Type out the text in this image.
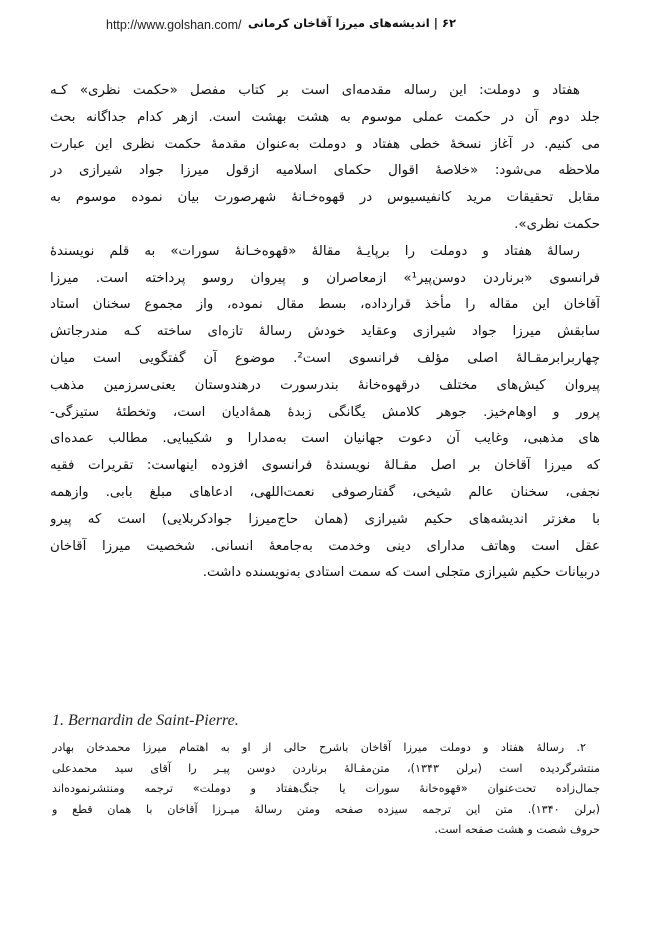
http://www.golshan.com/ ۶۲ | اندیشه‌های میرزا آقاخان کرمانی
هفتاد و دوملت: این رساله مقدمه‌ای است بر کتاب مفصل «حکمت نظری» کـه
جلد دوم آن در حکمت عملی موسوم به هشت بهشت است. ازهر کدام جداگانه بحث
می کنیم. در آغاز نسخهٔ خطی هفتاد و دوملت به‌عنوان مقدمهٔ حکمت نظری این عبارت
ملاحظه می‌شود: «خلاصهٔ اقوال حکمای اسلامیه ازقول میرزا جواد شیرازی در
مقابل تحقیقات مرید کانفیسیوس در قهوه‌خـانهٔ شهرصورت بیان نموده موسوم به
حکمت نظری».
رسالهٔ هفتاد و دوملت را برپایـهٔ مقالهٔ «قهوه‌خـانهٔ سورات» به قلم نویسندهٔ
فرانسوی «برناردن دوسن‌پیر¹» ازمعاصران و پیروان روسو پرداخته است. میرزا
آقاخان این مقاله را مأخذ قرارداده، بسط مقال نموده، واز مجموع سخنان استاد
سابقش میرزا جواد شیرازی وعقاید خودش رسالهٔ تازه‌ای ساخته کـه مندرجاتش
چهاربرابرمقـالهٔ اصلی مؤلف فرانسوی است². موضوع آن گفتگویی است میان
پیروان کیش‌های مختلف درقهوه‌خانهٔ بندرسورت درهندوستان یعنی‌سرزمین مذهب
پرور و اوهام‌خیز. جوهر کلامش یگانگی زبدهٔ همهٔ‌ادیان است، وتخطئهٔ ستیزگی-
های مذهبی، وغایب آن دعوت جهانیان است به‌مدارا و شکیبایی. مطالب عمده‌ای
که میرزا آقاخان بر اصل مقـالهٔ نویسندهٔ فرانسوی افزوده اینهاست: تقریرات فقیه
نجفی، سخنان عالم شیخی، گفتارصوفی نعمت‌اللهی، ادعاهای مبلغ بابی. وازهمه
با مغزتر اندیشه‌های حکیم شیرازی (همان حاج‌میرزا جوادکربلایی) است که پیرو
عقل است وهاتف مدارای دینی وخدمت به‌جامعهٔ انسانی. شخصیت میرزا آقاخان
دربیانات حکیم شیرازی متجلی است که سمت استادی به‌نویسنده داشت.
1. Bernardin de Saint-Pierre.
۲. رسالهٔ هفتاد و دوملت میرزا آقاخان باشرح حالی از او به اهتمام میرزا محمدخان بهادر
منتشرگردیده است (برلن ۱۳۴۳)، متن‌مقـالهٔ برناردن دوسن پیـر را آقای سید محمدعلی
جمال‌زاده تحت‌عنوان «قهوه‌خانهٔ سورات یا جنگ‌هفتاد و دوملت» ترجمه ومنتشرنموده‌اند
(برلن ۱۳۴۰). متن این ترجمه سیزده صفحه ومتن رسالهٔ میـرزا آقاخان با همان قطع و
حروف شصت و هشت صفحه است.
